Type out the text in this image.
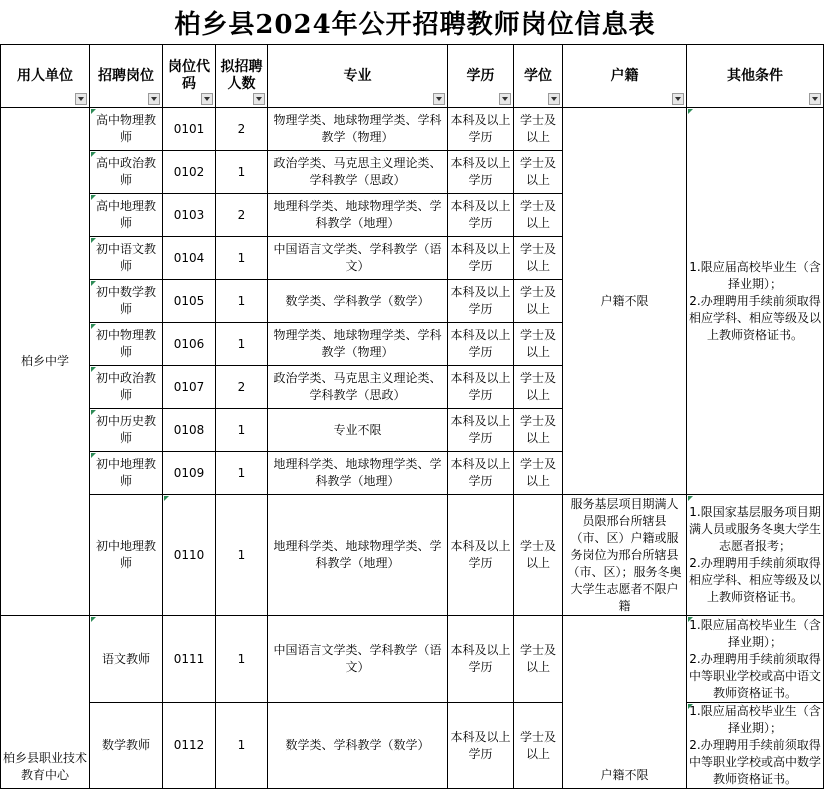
柏乡县2024年公开招聘教师岗位信息表
用人单位	招聘岗位	岗位代码	拟招聘人数	专业	学历	学位	户籍	其他条件

柏乡中学	高中物理教师	0101	2	物理学类、地球物理学类、学科教学（物理）	本科及以上学历	学士及以上	户籍不限	1.限应届高校毕业生（含择业期）；
2.办理聘用手续前须取得相应学科、相应等级及以上教师资格证书。

高中政治教师	0102	1	政治学类、马克思主义理论类、学科教学（思政）	本科及以上学历	学士及以上		

高中地理教师	0103	2	地理科学类、地球物理学类、学科教学（地理）	本科及以上学历	学士及以上		

初中语文教师	0104	1	中国语言文学类、学科教学（语文）	本科及以上学历	学士及以上		

初中数学教师	0105	1	数学类、学科教学（数学）	本科及以上学历	学士及以上		

初中物理教师	0106	1	物理学类、地球物理学类、学科教学（物理）	本科及以上学历	学士及以上		

初中政治教师	0107	2	政治学类、马克思主义理论类、学科教学（思政）	本科及以上学历	学士及以上		

初中历史教师	0108	1	专业不限	本科及以上学历	学士及以上		

初中地理教师	0109	1	地理科学类、地球物理学类、学科教学（地理）	本科及以上学历	学士及以上		
	初中地理教师	0110	1	地理科学类、地球物理学类、学科教学（地理）	本科及以上学历	学士及以上	服务基层项目期满人员限邢台所辖县（市、区）户籍或服务岗位为邢台所辖县（市、区）；服务冬奥大学生志愿者不限户籍	1.限国家基层服务项目期满人员或服务冬奥大学生志愿者报考；
2.办理聘用手续前须取得相应学科、相应等级及以上教师资格证书。
柏乡县职业技术教育中心	语文教师	0111	1	中国语言文学类、学科教学（语文）	本科及以上学历	学士及以上	户籍不限	1.限应届高校毕业生（含择业期）；
2.办理聘用手续前须取得中等职业学校或高中语文教师资格证书。
	数学教师	0112	1	数学类、学科教学（数学）	本科及以上学历	学士及以上		1.限应届高校毕业生（含择业期）；
2.办理聘用手续前须取得中等职业学校或高中数学教师资格证书。
